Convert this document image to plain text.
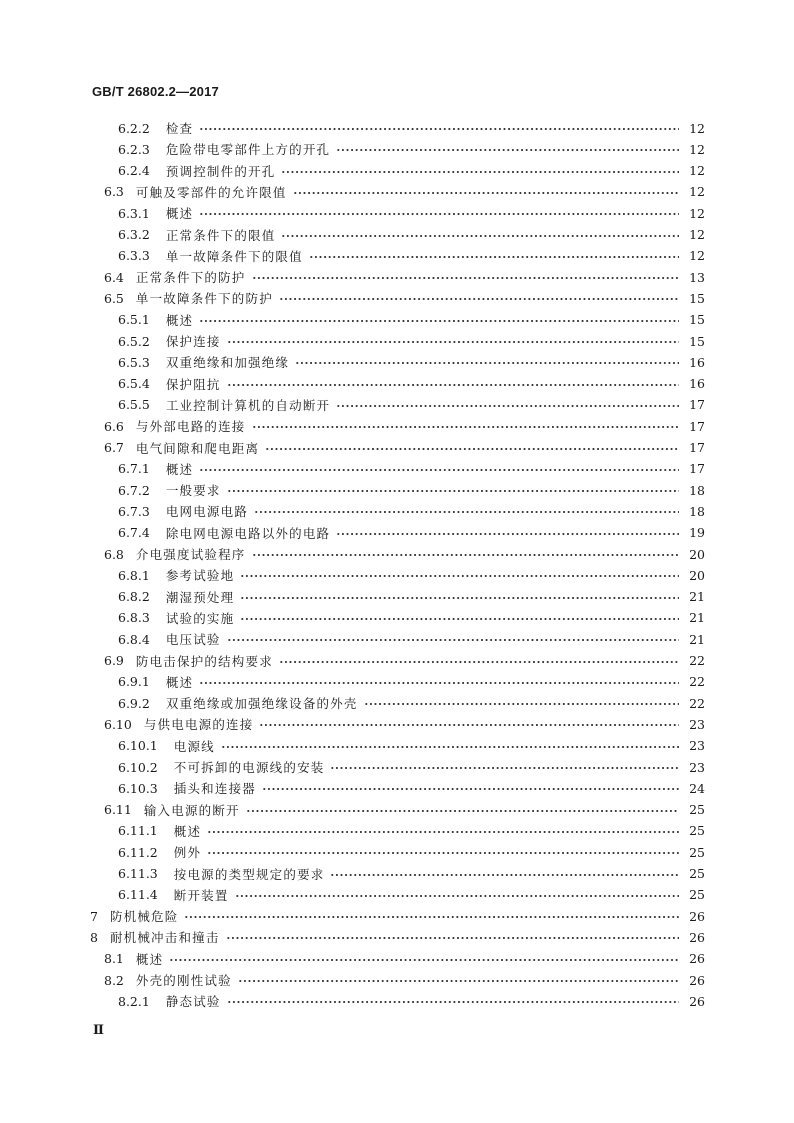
GB/T 26802.2—2017
6.2.2 检查	12
6.2.3 危险带电零部件上方的开孔	12
6.2.4 预调控制件的开孔	12
6.3 可触及零部件的允许限值	12
6.3.1 概述	12
6.3.2 正常条件下的限值	12
6.3.3 单一故障条件下的限值	12
6.4 正常条件下的防护	13
6.5 单一故障条件下的防护	15
6.5.1 概述	15
6.5.2 保护连接	15
6.5.3 双重绝缘和加强绝缘	16
6.5.4 保护阻抗	16
6.5.5 工业控制计算机的自动断开	17
6.6 与外部电路的连接	17
6.7 电气间隙和爬电距离	17
6.7.1 概述	17
6.7.2 一般要求	18
6.7.3 电网电源电路	18
6.7.4 除电网电源电路以外的电路	19
6.8 介电强度试验程序	20
6.8.1 参考试验地	20
6.8.2 潮湿预处理	21
6.8.3 试验的实施	21
6.8.4 电压试验	21
6.9 防电击保护的结构要求	22
6.9.1 概述	22
6.9.2 双重绝缘或加强绝缘设备的外壳	22
6.10 与供电电源的连接	23
6.10.1 电源线	23
6.10.2 不可拆卸的电源线的安装	23
6.10.3 插头和连接器	24
6.11 输入电源的断开	25
6.11.1 概述	25
6.11.2 例外	25
6.11.3 按电源的类型规定的要求	25
6.11.4 断开装置	25
7 防机械危险	26
8 耐机械冲击和撞击	26
8.1 概述	26
8.2 外壳的刚性试验	26
8.2.1 静态试验	26
Ⅱ
